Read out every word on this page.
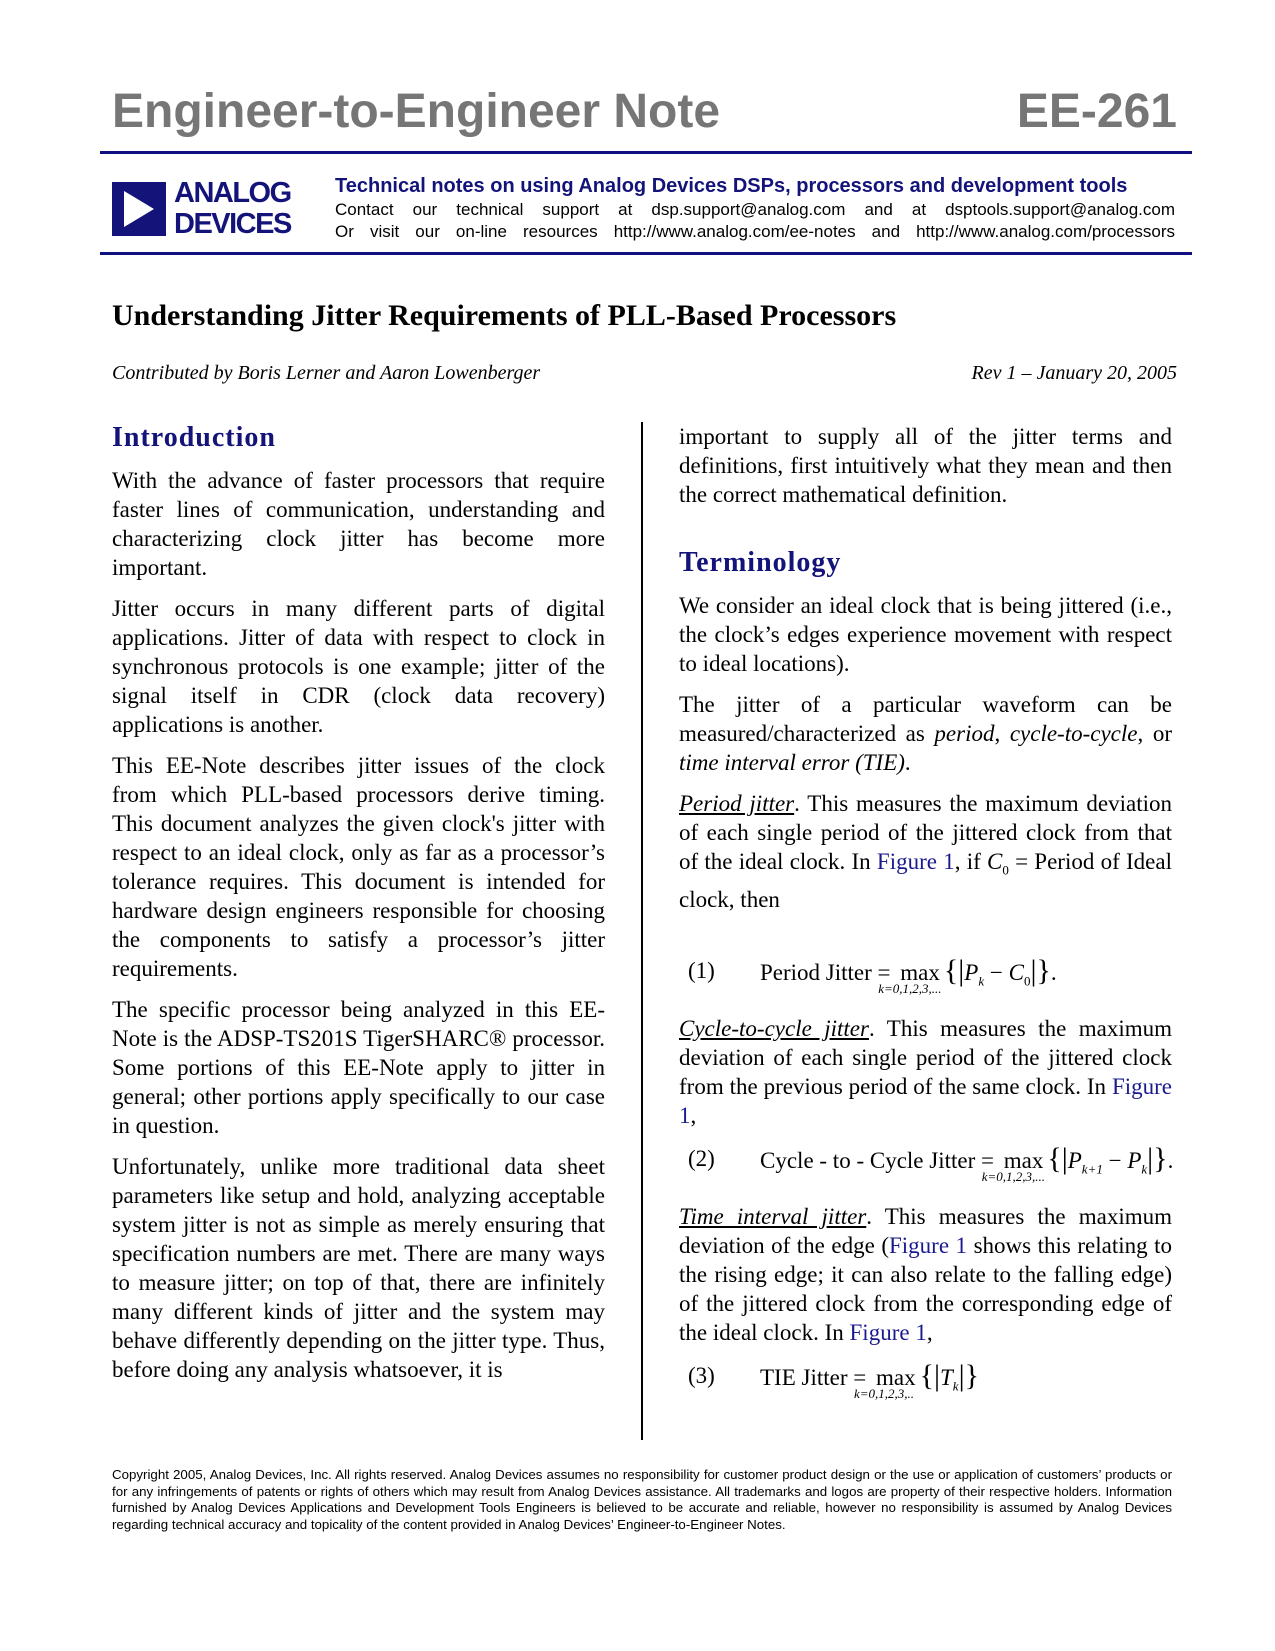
Engineer-to-Engineer Note	EE-261
ANALOG
DEVICES
Technical notes on using Analog Devices DSPs, processors and development tools
Contact our technical support at dsp.support@analog.com and at dsptools.support@analog.com
Or visit our on-line resources http://www.analog.com/ee-notes and http://www.analog.com/processors
Understanding Jitter Requirements of PLL-Based Processors
Contributed by Boris Lerner and Aaron Lowenberger	Rev 1 – January 20, 2005
Introduction

With the advance of faster processors that require faster lines of communication, understanding and characterizing clock jitter has become more important.

Jitter occurs in many different parts of digital applications. Jitter of data with respect to clock in synchronous protocols is one example; jitter of the signal itself in CDR (clock data recovery) applications is another.

This EE-Note describes jitter issues of the clock from which PLL-based processors derive timing. This document analyzes the given clock's jitter with respect to an ideal clock, only as far as a processor’s tolerance requires. This document is intended for hardware design engineers responsible for choosing the components to satisfy a processor’s jitter requirements.

The specific processor being analyzed in this EE-Note is the ADSP-TS201S TigerSHARC® processor. Some portions of this EE-Note apply to jitter in general; other portions apply specifically to our case in question.

Unfortunately, unlike more traditional data sheet parameters like setup and hold, analyzing acceptable system jitter is not as simple as merely ensuring that specification numbers are met. There are many ways to measure jitter; on top of that, there are infinitely many different kinds of jitter and the system may behave differently depending on the jitter type. Thus, before doing any analysis whatsoever, it is

important to supply all of the jitter terms and definitions, first intuitively what they mean and then the correct mathematical definition.

Terminology

We consider an ideal clock that is being jittered (i.e., the clock’s edges experience movement with respect to ideal locations).

The jitter of a particular waveform can be measured/characterized as period, cycle-to-cycle, or time interval error (TIE).

Period jitter. This measures the maximum deviation of each single period of the jittered clock from that of the ideal clock. In Figure 1, if $C_0$ = Period of Ideal clock, then

(1) Period Jitter = max
k=0,1,2,3,...
$\{|P_k - C_0|\}$.

Cycle-to-cycle jitter. This measures the maximum deviation of each single period of the jittered clock from the previous period of the same clock. In Figure 1,

(2) Cycle - to - Cycle Jitter = max
k=0,1,2,3,...
$\{|P_{k+1} - P_k|\}$.

Time interval jitter. This measures the maximum deviation of the edge (Figure 1 shows this relating to the rising edge; it can also relate to the falling edge) of the jittered clock from the corresponding edge of the ideal clock. In Figure 1,

(3) TIE Jitter = max
k=0,1,2,3,..
$\{|T_k|\}$
Copyright 2005, Analog Devices, Inc. All rights reserved. Analog Devices assumes no responsibility for customer product design or the use or application of customers’ products or for any infringements of patents or rights of others which may result from Analog Devices assistance. All trademarks and logos are property of their respective holders. Information furnished by Analog Devices Applications and Development Tools Engineers is believed to be accurate and reliable, however no responsibility is assumed by Analog Devices regarding technical accuracy and topicality of the content provided in Analog Devices’ Engineer-to-Engineer Notes.
